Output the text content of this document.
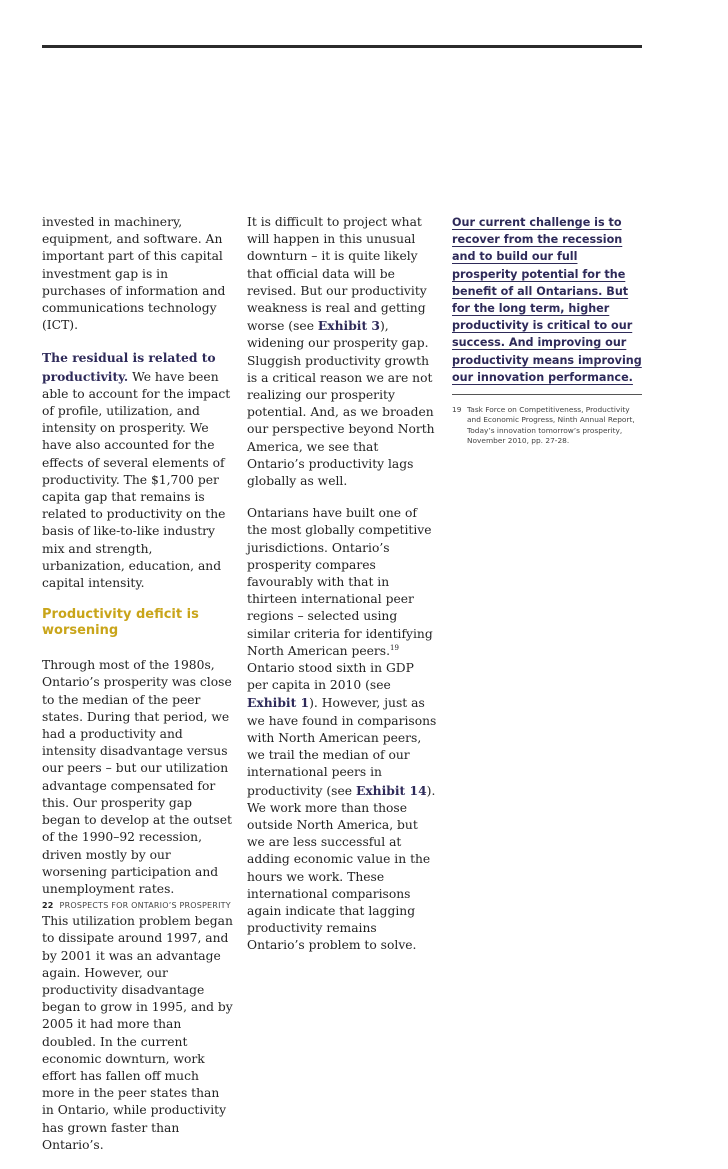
invested in machinery, equipment, and software. An important part of this capital investment gap is in purchases of information and communications technology (ICT).

The residual is related to productivity. We have been able to account for the impact of profile, utilization, and intensity on prosperity. We have also accounted for the effects of several elements of productivity. The $1,700 per capita gap that remains is related to productivity on the basis of like-to-like industry mix and strength, urbanization, education, and capital intensity.

Productivity deficit is worsening

Through most of the 1980s, Ontario’s prosperity was close to the median of the peer states. During that period, we had a productivity and intensity disadvantage versus our peers – but our utilization advantage compensated for this. Our prosperity gap began to develop at the outset of the 1990–92 recession, driven mostly by our worsening participation and unemployment rates.

This utilization problem began to dissipate around 1997, and by 2001 it was an advantage again. However, our productivity disadvantage began to grow in 1995, and by 2005 it had more than doubled. In the current economic downturn, work effort has fallen off much more in the peer states than in Ontario, while productivity has grown faster than Ontario’s.

It is difficult to project what will happen in this unusual downturn – it is quite likely that official data will be revised. But our productivity weakness is real and getting worse (see Exhibit 3), widening our prosperity gap. Sluggish productivity growth is a critical reason we are not realizing our prosperity potential. And, as we broaden our perspective beyond North America, we see that Ontario’s productivity lags globally as well.

Ontarians have built one of the most globally competitive jurisdictions. Ontario’s prosperity compares favourably with that in thirteen international peer regions – selected using similar criteria for identifying North American peers.$^{19}$ Ontario stood sixth in GDP per capita in 2010 (see Exhibit 1). However, just as we have found in comparisons with North American peers, we trail the median of our international peers in productivity (see Exhibit 14). We work more than those outside North America, but we are less successful at adding economic value in the hours we work. These international comparisons again indicate that lagging productivity remains Ontario’s problem to solve.

Our current challenge is to recover from the recession and to build our full prosperity potential for the benefit of all Ontarians. But for the long term, higher productivity is critical to our success. And improving our productivity means improving our innovation performance.
19 Task Force on Competitiveness, Productivity and Economic Progress, Ninth Annual Report, Today’s innovation tomorrow’s prosperity, November 2010, pp. 27-28.
22 PROSPECTS FOR ONTARIO’S PROSPERITY
